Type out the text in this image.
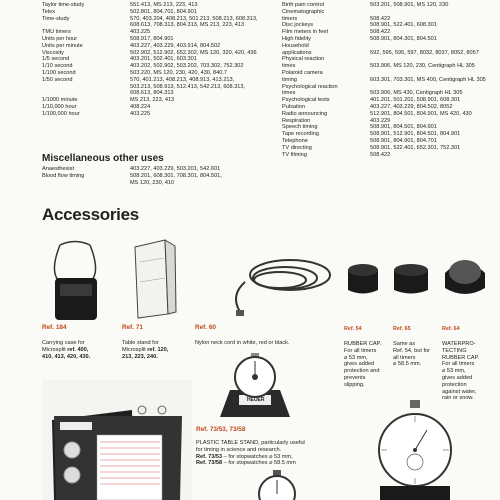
Taylor time-study	551.413, MS 213, 223, 413
Telex	502.801, 804.701, 804.901
Time-study	570, 403.204, 408.213, 501.213, 508.213, 608.313,
608.613, 708.313, 804.313, MS 213, 223, 413
TMU timers	403.225
Units per hour	508.917, 804.901
Units per minute	403.227, 403.229, 403.914, 804.502
Viscosity	502.902, 512.902, 652.302, MS 120, 320, 420, 436
1/5 second	403.201, 502.401, 603.301
1/10 second	403.202, 502.902, 503.202, 703.302, 752.302
1/100 second	503.220, MS 120, 230, 420, 430, 840.7
1/50 second	570, 401.213, 408.213, 408.913, 413.213,
503.213, 508.913, 512.413, 542.213, 608.313,
608.613, 804.313
1/1000 minute	MS 213, 223, 413
1/10,000 hour	408.224
1/100,000 hour	403.225
Birth pain control	503.201, 508.901, MS 120, 230
Cinematographic
timers	508.422
Disc jockeys	508.901, 522.401, 608.301
Film meters in feet	508.422
High fidelity	508.901, 804.301, 804.501
Household
applications	592, 595, 595, 597, 8032, 8037, 8052, 8057
Physical reaction
times	503.906, MS 120, 230, Centigraph HL 305
Polaroid camera
timing	603.301, 703.301, MS 400, Centigraph HL 305
Psychological reaction
times	503.906, MS 430, Centigraph HL 305
Psychological tests	401.201, 501.201, 508.901, 608.301
Pulsation	403.227, 403.229, 804.502, 8052
Radio announcing	512.901, 804.501, 804.901, MS 420, 430
Respiration	403.229
Speech timing	508.901, 804.501, 804.901
Tape recording	508.901, 512.901, 804.501, 804.901
Telephone	508.901, 804.901, 804.701
TV directing	508.901, 522.401, 652.301, 752.301
TV filming	508.422
Miscellaneous other uses
Anaesthesist	403.227, 403.229, 503.201, 542.601
Blood flow timing	508.201, 608.301, 708.301, 804.501,
MS 120, 230, 410
Accessories
Ref. 184
Carrying case for
Microsplit ref. 400,
410, 413, 420, 430.
Ref. 71
Table stand for
Microsplit ref. 120,
213, 223, 240.
Ref. 60
Nylon neck cord in white, red or black.
Ref. 54
RUBBER CAP.
For all timers
⌀ 53 mm,
gives added
protection and
prevents
slipping.
Ref. 65
Same as
Ref. 54, but for
all timers
⌀ 58.5 mm.
Ref. 64
WATERPRO-
TECTING
RUBBER CAP.
For all timers
⌀ 53 mm,
gives added
protection
against water,
rain or snow.
HEUER
Ref. 73/53, 73/58
PLASTIC TABLE STAND, particularly useful
for timing in science and research.
Ref. 73/53 – for stopwatches ⌀ 53 mm,
Ref. 73/58 – for stopwatches ⌀ 58.5 mm
